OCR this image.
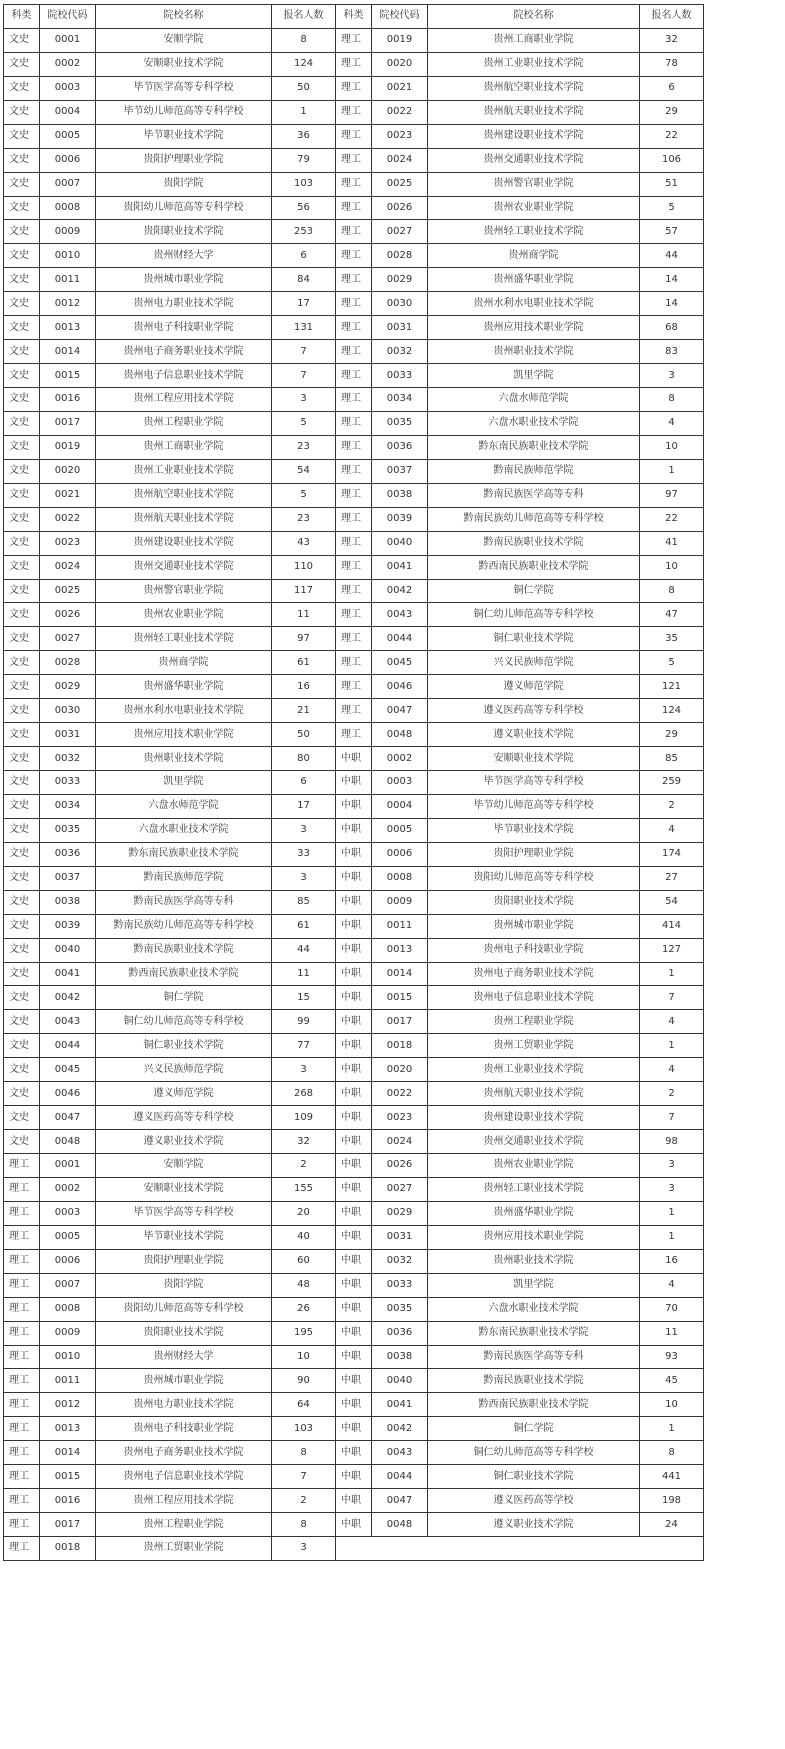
科类	院校代码	院校名称	报名人数	科类	院校代码	院校名称	报名人数
文史	0001	安顺学院	8	理工	0019	贵州工商职业学院	32
文史	0002	安顺职业技术学院	124	理工	0020	贵州工业职业技术学院	78
文史	0003	毕节医学高等专科学校	50	理工	0021	贵州航空职业技术学院	6
文史	0004	毕节幼儿师范高等专科学校	1	理工	0022	贵州航天职业技术学院	29
文史	0005	毕节职业技术学院	36	理工	0023	贵州建设职业技术学院	22
文史	0006	贵阳护理职业学院	79	理工	0024	贵州交通职业技术学院	106
文史	0007	贵阳学院	103	理工	0025	贵州警官职业学院	51
文史	0008	贵阳幼儿师范高等专科学校	56	理工	0026	贵州农业职业学院	5
文史	0009	贵阳职业技术学院	253	理工	0027	贵州轻工职业技术学院	57
文史	0010	贵州财经大学	6	理工	0028	贵州商学院	44
文史	0011	贵州城市职业学院	84	理工	0029	贵州盛华职业学院	14
文史	0012	贵州电力职业技术学院	17	理工	0030	贵州水利水电职业技术学院	14
文史	0013	贵州电子科技职业学院	131	理工	0031	贵州应用技术职业学院	68
文史	0014	贵州电子商务职业技术学院	7	理工	0032	贵州职业技术学院	83
文史	0015	贵州电子信息职业技术学院	7	理工	0033	凯里学院	3
文史	0016	贵州工程应用技术学院	3	理工	0034	六盘水师范学院	8
文史	0017	贵州工程职业学院	5	理工	0035	六盘水职业技术学院	4
文史	0019	贵州工商职业学院	23	理工	0036	黔东南民族职业技术学院	10
文史	0020	贵州工业职业技术学院	54	理工	0037	黔南民族师范学院	1
文史	0021	贵州航空职业技术学院	5	理工	0038	黔南民族医学高等专科	97
文史	0022	贵州航天职业技术学院	23	理工	0039	黔南民族幼儿师范高等专科学校	22
文史	0023	贵州建设职业技术学院	43	理工	0040	黔南民族职业技术学院	41
文史	0024	贵州交通职业技术学院	110	理工	0041	黔西南民族职业技术学院	10
文史	0025	贵州警官职业学院	117	理工	0042	铜仁学院	8
文史	0026	贵州农业职业学院	11	理工	0043	铜仁幼儿师范高等专科学校	47
文史	0027	贵州轻工职业技术学院	97	理工	0044	铜仁职业技术学院	35
文史	0028	贵州商学院	61	理工	0045	兴义民族师范学院	5
文史	0029	贵州盛华职业学院	16	理工	0046	遵义师范学院	121
文史	0030	贵州水利水电职业技术学院	21	理工	0047	遵义医药高等专科学校	124
文史	0031	贵州应用技术职业学院	50	理工	0048	遵义职业技术学院	29
文史	0032	贵州职业技术学院	80	中职	0002	安顺职业技术学院	85
文史	0033	凯里学院	6	中职	0003	毕节医学高等专科学校	259
文史	0034	六盘水师范学院	17	中职	0004	毕节幼儿师范高等专科学校	2
文史	0035	六盘水职业技术学院	3	中职	0005	毕节职业技术学院	4
文史	0036	黔东南民族职业技术学院	33	中职	0006	贵阳护理职业学院	174
文史	0037	黔南民族师范学院	3	中职	0008	贵阳幼儿师范高等专科学校	27
文史	0038	黔南民族医学高等专科	85	中职	0009	贵阳职业技术学院	54
文史	0039	黔南民族幼儿师范高等专科学校	61	中职	0011	贵州城市职业学院	414
文史	0040	黔南民族职业技术学院	44	中职	0013	贵州电子科技职业学院	127
文史	0041	黔西南民族职业技术学院	11	中职	0014	贵州电子商务职业技术学院	1
文史	0042	铜仁学院	15	中职	0015	贵州电子信息职业技术学院	7
文史	0043	铜仁幼儿师范高等专科学校	99	中职	0017	贵州工程职业学院	4
文史	0044	铜仁职业技术学院	77	中职	0018	贵州工贸职业学院	1
文史	0045	兴义民族师范学院	3	中职	0020	贵州工业职业技术学院	4
文史	0046	遵义师范学院	268	中职	0022	贵州航天职业技术学院	2
文史	0047	遵义医药高等专科学校	109	中职	0023	贵州建设职业技术学院	7
文史	0048	遵义职业技术学院	32	中职	0024	贵州交通职业技术学院	98
理工	0001	安顺学院	2	中职	0026	贵州农业职业学院	3
理工	0002	安顺职业技术学院	155	中职	0027	贵州轻工职业技术学院	3
理工	0003	毕节医学高等专科学校	20	中职	0029	贵州盛华职业学院	1
理工	0005	毕节职业技术学院	40	中职	0031	贵州应用技术职业学院	1
理工	0006	贵阳护理职业学院	60	中职	0032	贵州职业技术学院	16
理工	0007	贵阳学院	48	中职	0033	凯里学院	4
理工	0008	贵阳幼儿师范高等专科学校	26	中职	0035	六盘水职业技术学院	70
理工	0009	贵阳职业技术学院	195	中职	0036	黔东南民族职业技术学院	11
理工	0010	贵州财经大学	10	中职	0038	黔南民族医学高等专科	93
理工	0011	贵州城市职业学院	90	中职	0040	黔南民族职业技术学院	45
理工	0012	贵州电力职业技术学院	64	中职	0041	黔西南民族职业技术学院	10
理工	0013	贵州电子科技职业学院	103	中职	0042	铜仁学院	1
理工	0014	贵州电子商务职业技术学院	8	中职	0043	铜仁幼儿师范高等专科学校	8
理工	0015	贵州电子信息职业技术学院	7	中职	0044	铜仁职业技术学院	441
理工	0016	贵州工程应用技术学院	2	中职	0047	遵义医药高等学校	198
理工	0017	贵州工程职业学院	8	中职	0048	遵义职业技术学院	24
理工	0018	贵州工贸职业学院	3				
